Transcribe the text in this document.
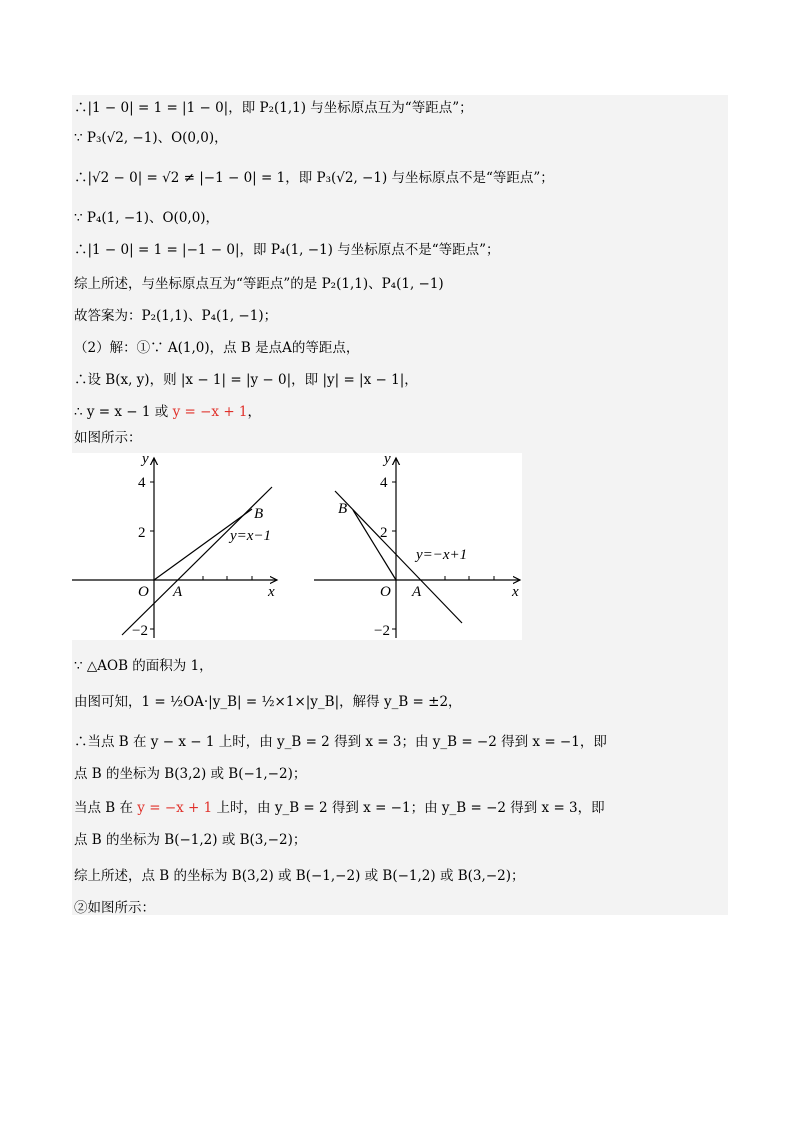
∴|1 − 0| = 1 = |1 − 0|，即 P₂(1,1) 与坐标原点互为“等距点”；
∵ P₃(√2, −1)、O(0,0)，
∴|√2 − 0| = √2 ≠ |−1 − 0| = 1，即 P₃(√2, −1) 与坐标原点不是“等距点”；
∵ P₄(1, −1)、O(0,0)，
∴|1 − 0| = 1 = |−1 − 0|，即 P₄(1, −1) 与坐标原点不是“等距点”；
综上所述，与坐标原点互为“等距点”的是 P₂(1,1)、P₄(1, −1)
故答案为：P₂(1,1)、P₄(1, −1)；
（2）解：①∵ A(1,0)，点 B 是点A的等距点，
∴设 B(x, y)，则 |x − 1| = |y − 0|，即 |y| = |x − 1|，
∴ y = x − 1 或 y = −x + 1，
如图所示：
y
x
4
2
−2
O A
B
y=x−1
y
x
4
2
−2
O A
B
y=−x+1
∵ △AOB 的面积为 1，
由图可知，1 = ½OA·|y_B| = ½×1×|y_B|，解得 y_B = ±2，
∴当点 B 在 y − x − 1 上时，由 y_B = 2 得到 x = 3；由 y_B = −2 得到 x = −1，即
点 B 的坐标为 B(3,2) 或 B(−1,−2)；
当点 B 在 y = −x + 1 上时，由 y_B = 2 得到 x = −1；由 y_B = −2 得到 x = 3，即
点 B 的坐标为 B(−1,2) 或 B(3,−2)；
综上所述，点 B 的坐标为 B(3,2) 或 B(−1,−2) 或 B(−1,2) 或 B(3,−2)；
②如图所示：
